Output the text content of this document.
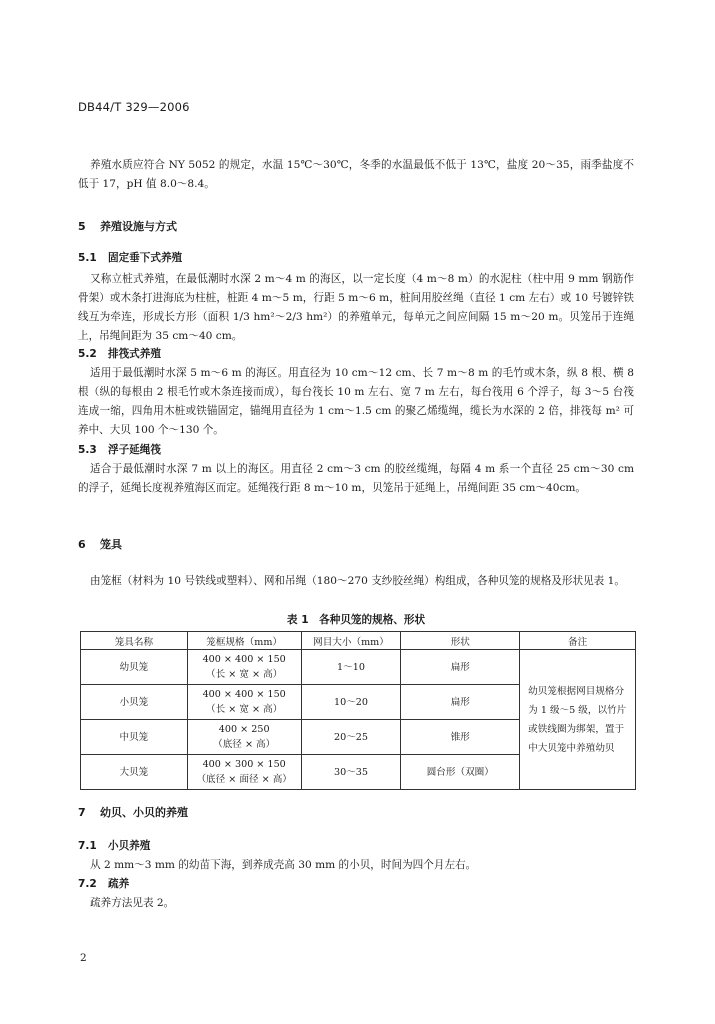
DB44/T 329—2006
养殖水质应符合 NY 5052 的规定，水温 15℃～30℃，冬季的水温最低不低于 13℃，盐度 20～35，雨季盐度不低于 17，pH 值 8.0～8.4。
5 养殖设施与方式
5.1 固定垂下式养殖
又称立桩式养殖，在最低潮时水深 2 m～4 m 的海区，以一定长度（4 m～8 m）的水泥柱（柱中用 9 mm 钢筋作骨架）或木条打进海底为柱桩，桩距 4 m～5 m，行距 5 m～6 m，桩间用胶丝绳（直径 1 cm 左右）或 10 号镀锌铁线互为牵连，形成长方形（面积 1/3 hm²～2/3 hm²）的养殖单元，每单元之间应间隔 15 m～20 m。贝笼吊于连绳上，吊绳间距为 35 cm～40 cm。
5.2 排筏式养殖
适用于最低潮时水深 5 m～6 m 的海区。用直径为 10 cm～12 cm、长 7 m～8 m 的毛竹或木条，纵 8 根、横 8 根（纵的每根由 2 根毛竹或木条连接而成），每台筏长 10 m 左右、宽 7 m 左右，每台筏用 6 个浮子，每 3～5 台筏连成一缩，四角用木桩或铁锚固定，锚绳用直径为 1 cm～1.5 cm 的聚乙烯缆绳，缆长为水深的 2 倍，排筏每 m² 可养中、大贝 100 个～130 个。
5.3 浮子延绳筏
适合于最低潮时水深 7 m 以上的海区。用直径 2 cm～3 cm 的胶丝缆绳，每隔 4 m 系一个直径 25 cm～30 cm 的浮子，延绳长度视养殖海区而定。延绳筏行距 8 m～10 m，贝笼吊于延绳上，吊绳间距 35 cm～40cm。
6 笼具
由笼框（材料为 10 号铁线或塑料）、网和吊绳（180～270 支纱胶丝绳）构组成，各种贝笼的规格及形状见表 1。
表 1　各种贝笼的规格、形状
笼具名称	笼框规格（mm）	网目大小（mm）	形状	备注
幼贝笼	400 × 400 × 150
（长 × 宽 × 高）	1～10	扁形	幼贝笼根据网目规格分为 1 级～5 级，以竹片或铁线圈为绑架，置于中大贝笼中养殖幼贝
小贝笼	400 × 400 × 150
（长 × 宽 × 高）	10～20	扁形	
中贝笼	400 × 250
（底径 × 高）	20～25	锥形	
大贝笼	400 × 300 × 150
（底径 × 面径 × 高）	30～35	圆台形（双圈）	
7 幼贝、小贝的养殖
7.1 小贝养殖
从 2 mm～3 mm 的幼苗下海，到养成壳高 30 mm 的小贝，时间为四个月左右。
7.2 疏养
疏养方法见表 2。
2
